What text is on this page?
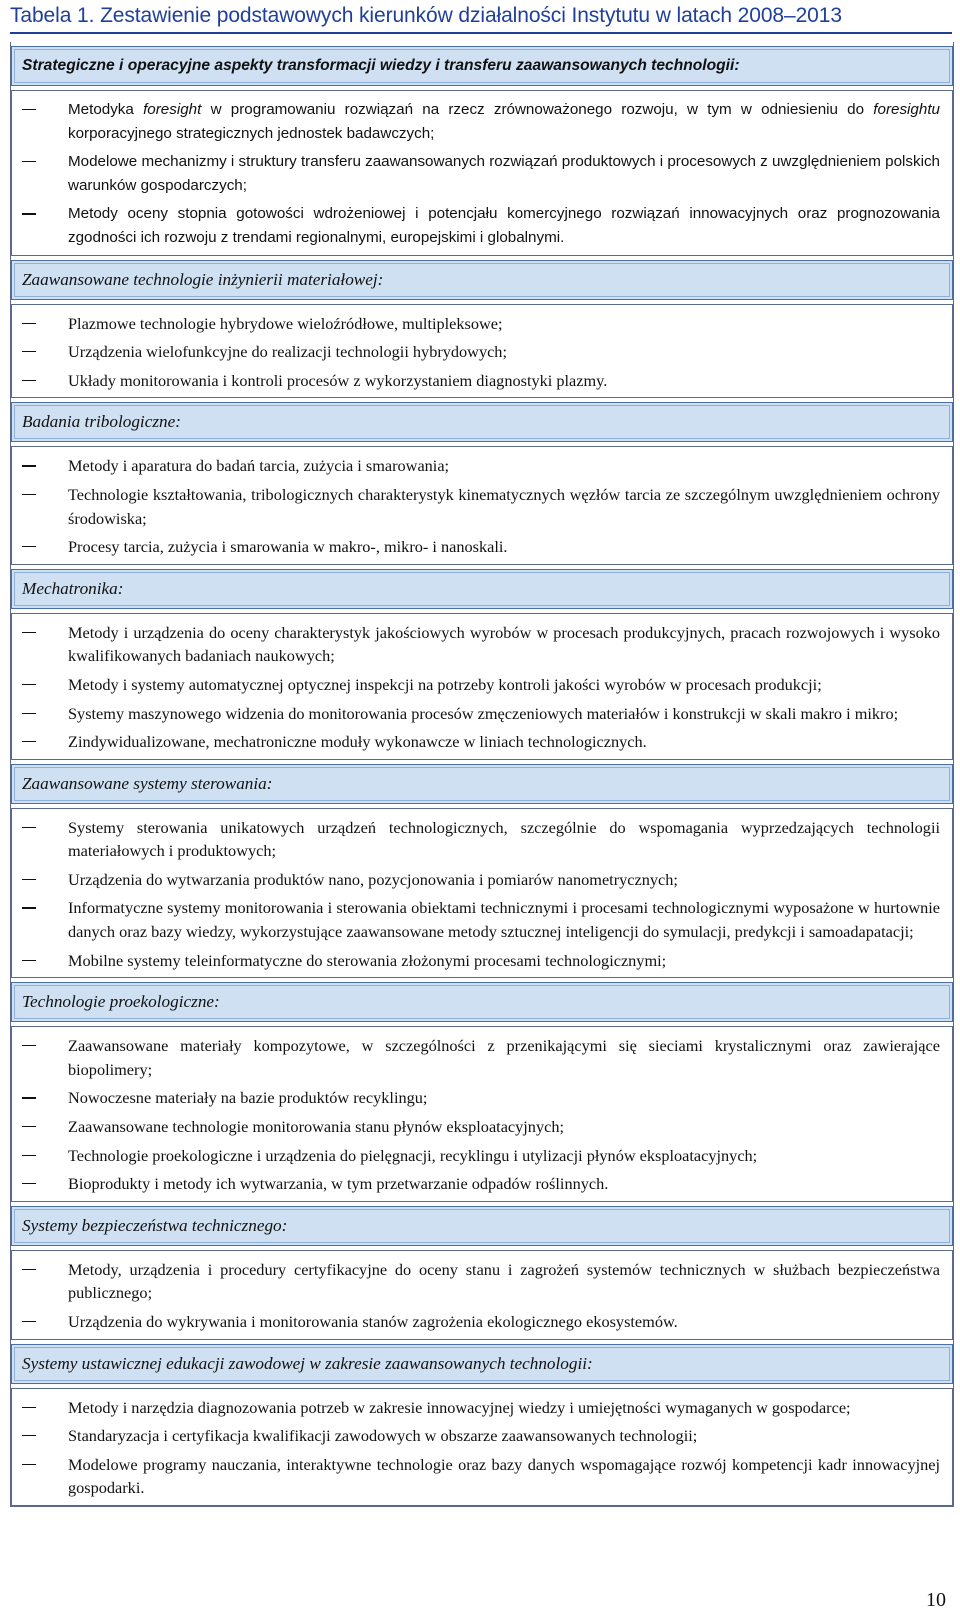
Tabela 1. Zestawienie podstawowych kierunków działalności Instytutu w latach 2008–2013
Strategiczne i operacyjne aspekty transformacji wiedzy i transferu zaawansowanych technologii:
Metodyka foresight w programowaniu rozwiązań na rzecz zrównoważonego rozwoju, w tym w odniesieniu do foresightu korporacyjnego strategicznych jednostek badawczych;
Modelowe mechanizmy i struktury transferu zaawansowanych rozwiązań produktowych i procesowych z uwzględnieniem polskich warunków gospodarczych;
Metody oceny stopnia gotowości wdrożeniowej i potencjału komercyjnego rozwiązań innowacyjnych oraz prognozowania zgodności ich rozwoju z trendami regionalnymi, europejskimi i globalnymi.
Zaawansowane technologie inżynierii materiałowej:
Plazmowe technologie hybrydowe wieloźródłowe, multipleksowe;
Urządzenia wielofunkcyjne do realizacji technologii hybrydowych;
Układy monitorowania i kontroli procesów z wykorzystaniem diagnostyki plazmy.
Badania tribologiczne:
Metody i aparatura do badań tarcia, zużycia i smarowania;
Technologie kształtowania, tribologicznych charakterystyk kinematycznych węzłów tarcia ze szczególnym uwzględnieniem ochrony środowiska;
Procesy tarcia, zużycia i smarowania w makro-, mikro- i nanoskali.
Mechatronika:
Metody i urządzenia do oceny charakterystyk jakościowych wyrobów w procesach produkcyjnych, pracach rozwojowych i wysoko kwalifikowanych badaniach naukowych;
Metody i systemy automatycznej optycznej inspekcji na potrzeby kontroli jakości wyrobów w procesach produkcji;
Systemy maszynowego widzenia do monitorowania procesów zmęczeniowych materiałów i konstrukcji w skali makro i mikro;
Zindywidualizowane, mechatroniczne moduły wykonawcze w liniach technologicznych.
Zaawansowane systemy sterowania:
Systemy sterowania unikatowych urządzeń technologicznych, szczególnie do wspomagania wyprzedzających technologii materiałowych i produktowych;
Urządzenia do wytwarzania produktów nano, pozycjonowania i pomiarów nanometrycznych;
Informatyczne systemy monitorowania i sterowania obiektami technicznymi i procesami technologicznymi wyposażone w hurtownie danych oraz bazy wiedzy, wykorzystujące zaawansowane metody sztucznej inteligencji do symulacji, predykcji i samoadapatacji;
Mobilne systemy teleinformatyczne do sterowania złożonymi procesami technologicznymi;
Technologie proekologiczne:
Zaawansowane materiały kompozytowe, w szczególności z przenikającymi się sieciami krystalicznymi oraz zawierające biopolimery;
Nowoczesne materiały na bazie produktów recyklingu;
Zaawansowane technologie monitorowania stanu płynów eksploatacyjnych;
Technologie proekologiczne i urządzenia do pielęgnacji, recyklingu i utylizacji płynów eksploatacyjnych;
Bioprodukty i metody ich wytwarzania, w tym przetwarzanie odpadów roślinnych.
Systemy bezpieczeństwa technicznego:
Metody, urządzenia i procedury certyfikacyjne do oceny stanu i zagrożeń systemów technicznych w służbach bezpieczeństwa publicznego;
Urządzenia do wykrywania i monitorowania stanów zagrożenia ekologicznego ekosystemów.
Systemy ustawicznej edukacji zawodowej w zakresie zaawansowanych technologii:
Metody i narzędzia diagnozowania potrzeb w zakresie innowacyjnej wiedzy i umiejętności wymaganych w gospodarce;
Standaryzacja i certyfikacja kwalifikacji zawodowych w obszarze zaawansowanych technologii;
Modelowe programy nauczania, interaktywne technologie oraz bazy danych wspomagające rozwój kompetencji kadr innowacyjnej gospodarki.
10
